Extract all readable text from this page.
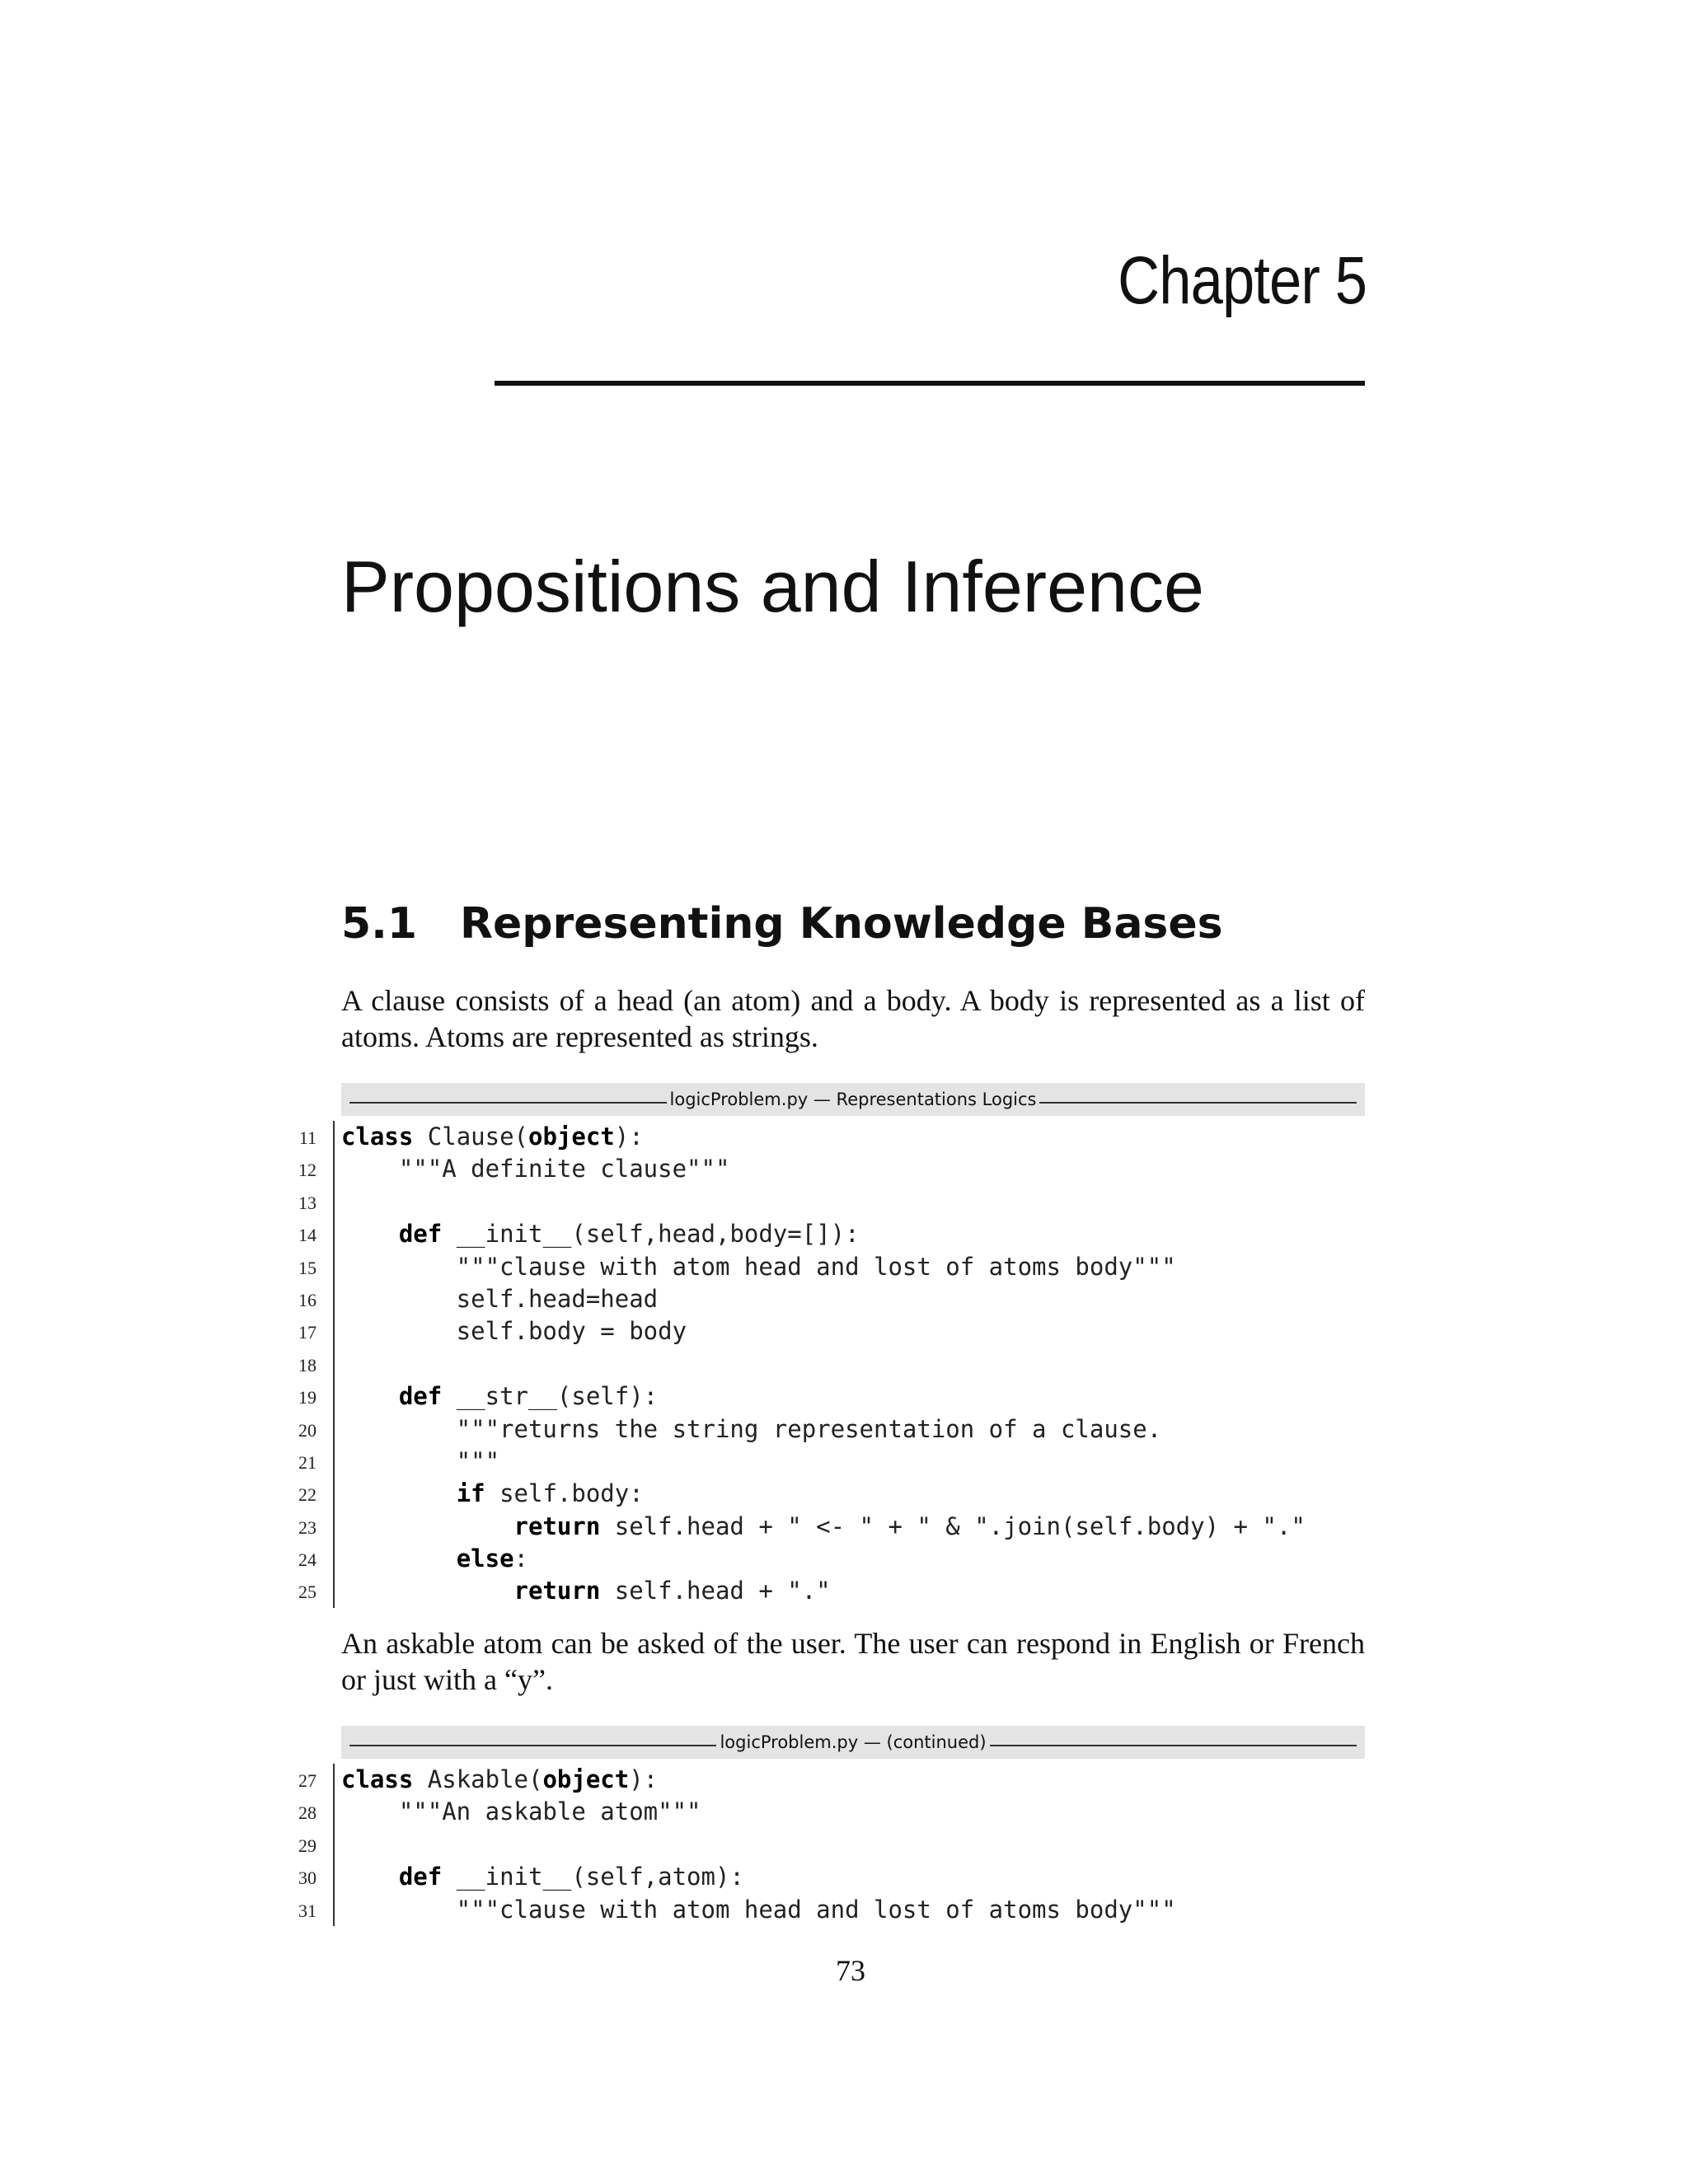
Chapter 5
Propositions and Inference
5.1 Representing Knowledge Bases
A clause consists of a head (an atom) and a body. A body is represented as a list of atoms. Atoms are represented as strings.
logicProblem.py — Representations Logics
11 class Clause(object):
12 """A definite clause"""
13
14	def __init__(self,head,body=[]):
15 """clause with atom head and lost of atoms body"""
16 self.head=head
17 self.body = body
18
19	def __str__(self):
20 """returns the string representation of a clause.
21 """
22	if self.body:
23	return self.head + " <- " + " & ".join(self.body) + "."
24	else:
25	return self.head + "."
An askable atom can be asked of the user. The user can respond in English or French or just with a “y”.
logicProblem.py — (continued)
27 class Askable(object):
28 """An askable atom"""
29
30	def __init__(self,atom):
31 """clause with atom head and lost of atoms body"""
73
